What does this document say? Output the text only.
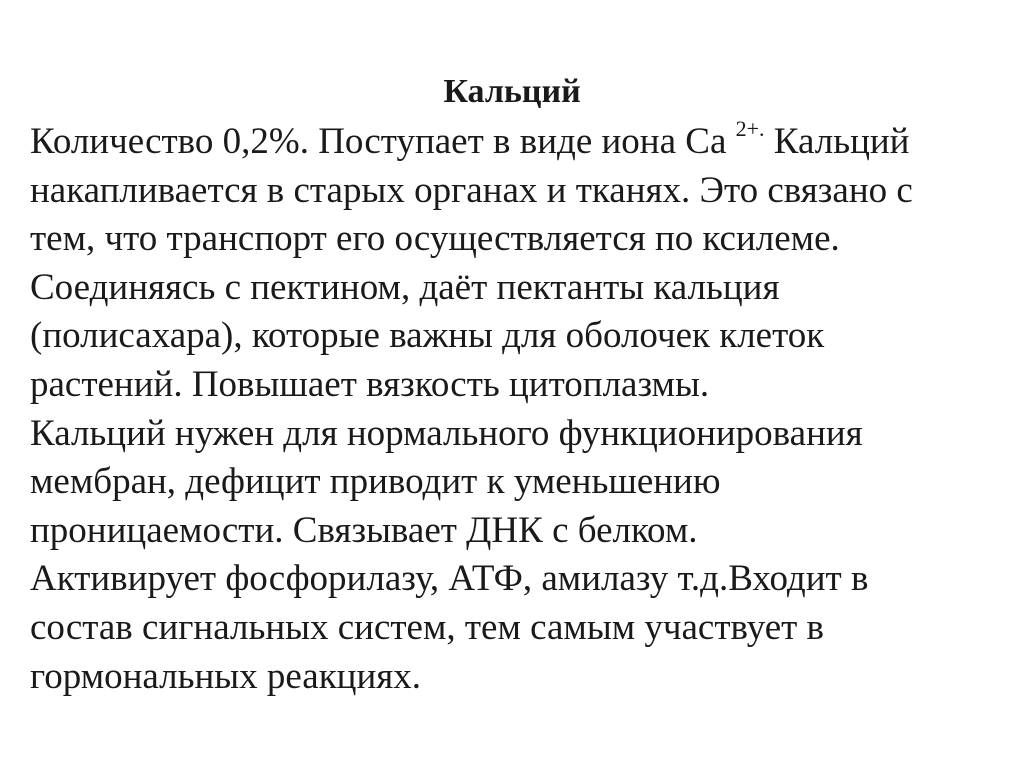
Кальций
Количество 0,2%. Поступает в виде иона Ca $^{2+.}$ Кальций
накапливается в старых органах и тканях. Это связано с
тем, что транспорт его осуществляется по ксилеме.
Соединяясь с пектином, даёт пектанты кальция
(полисахара), которые важны для оболочек клеток
растений. Повышает вязкость цитоплазмы.
Кальций нужен для нормального функционирования
мембран, дефицит приводит к уменьшению
проницаемости. Связывает ДНК с белком.
Активирует фосфорилазу, АТФ, амилазу т.д.Входит в
состав сигнальных систем, тем самым участвует в
гормональных реакциях.
